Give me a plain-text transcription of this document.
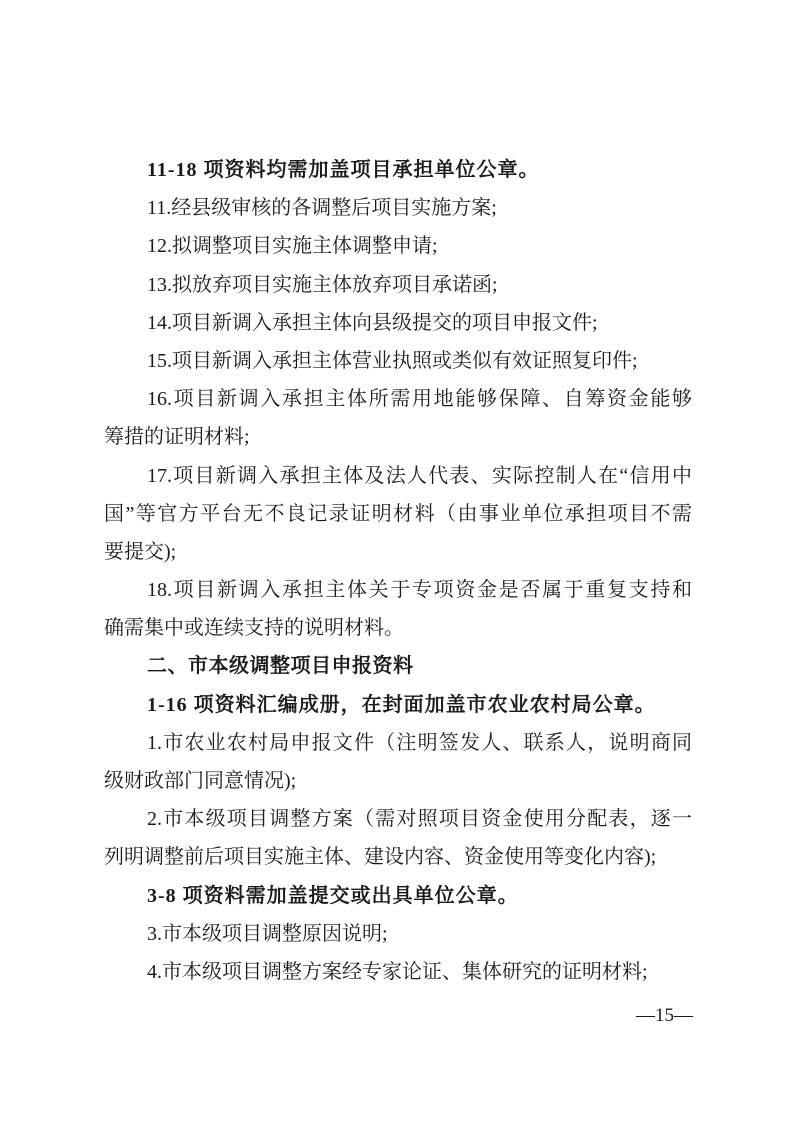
11-18 项资料均需加盖项目承担单位公章。
11.经县级审核的各调整后项目实施方案;
12.拟调整项目实施主体调整申请;
13.拟放弃项目实施主体放弃项目承诺函;
14.项目新调入承担主体向县级提交的项目申报文件;
15.项目新调入承担主体营业执照或类似有效证照复印件;
16.项目新调入承担主体所需用地能够保障、自筹资金能够
筹措的证明材料;
17.项目新调入承担主体及法人代表、实际控制人在“信用中
国”等官方平台无不良记录证明材料（由事业单位承担项目不需
要提交);
18.项目新调入承担主体关于专项资金是否属于重复支持和
确需集中或连续支持的说明材料。
二、市本级调整项目申报资料
1-16 项资料汇编成册，在封面加盖市农业农村局公章。
1.市农业农村局申报文件（注明签发人、联系人，说明商同
级财政部门同意情况);
2.市本级项目调整方案（需对照项目资金使用分配表，逐一
列明调整前后项目实施主体、建设内容、资金使用等变化内容);
3-8 项资料需加盖提交或出具单位公章。
3.市本级项目调整原因说明;
4.市本级项目调整方案经专家论证、集体研究的证明材料;
—15—
